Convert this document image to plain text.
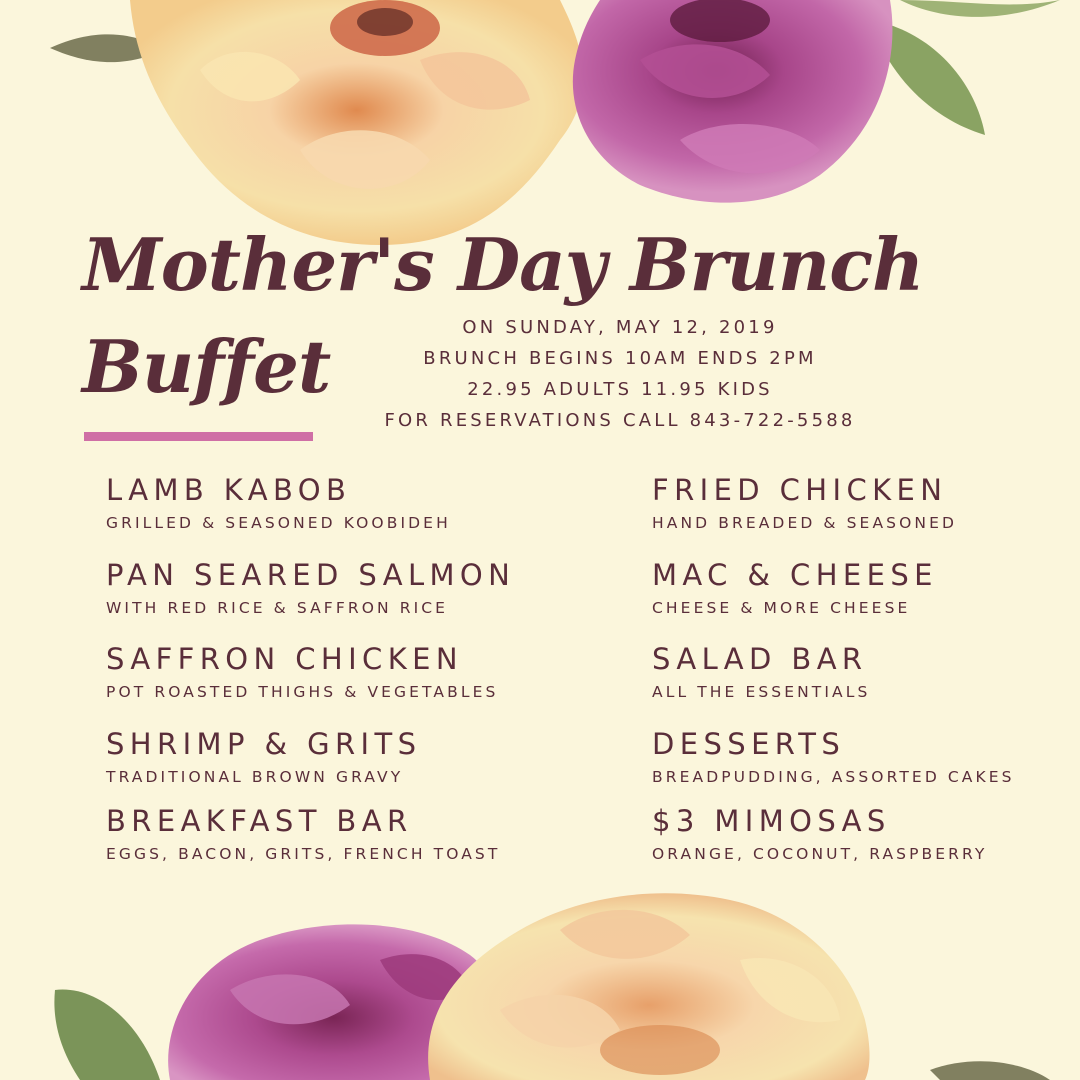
Mother's Day Brunch
Buffet	ON SUNDAY, MAY 12, 2019
BRUNCH BEGINS 10AM ENDS 2PM
22.95 ADULTS 11.95 KIDS
FOR RESERVATIONS CALL 843-722-5588
LAMB KABOB
GRILLED & SEASONED KOOBIDEH
PAN SEARED SALMON
WITH RED RICE & SAFFRON RICE
SAFFRON CHICKEN
POT ROASTED THIGHS & VEGETABLES
SHRIMP & GRITS
TRADITIONAL BROWN GRAVY
BREAKFAST BAR
EGGS, BACON, GRITS, FRENCH TOAST
FRIED CHICKEN
HAND BREADED & SEASONED
MAC & CHEESE
CHEESE & MORE CHEESE
SALAD BAR
ALL THE ESSENTIALS
DESSERTS
BREADPUDDING, ASSORTED CAKES
$3 MIMOSAS
ORANGE, COCONUT, RASPBERRY
